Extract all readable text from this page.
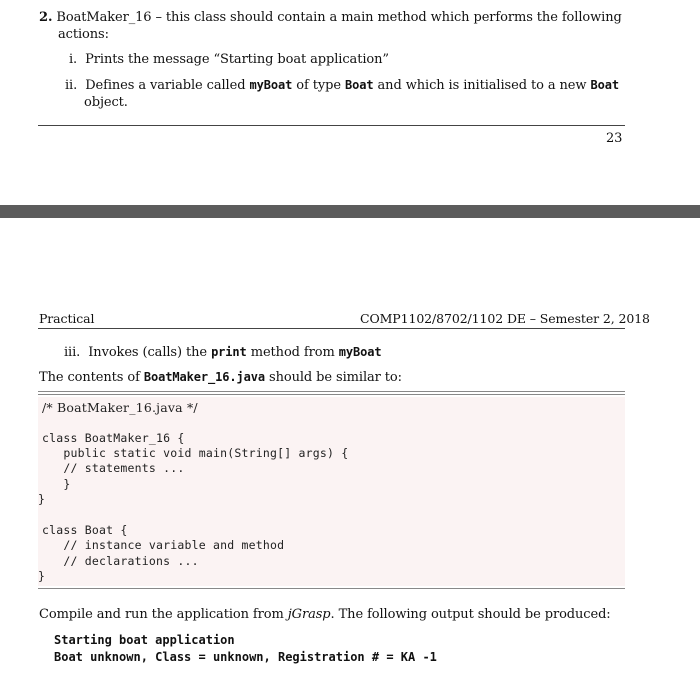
2. BoatMaker_16 – this class should contain a main method which performs the following
actions:
i. Prints the message “Starting boat application”
ii. Defines a variable called myBoat of type Boat and which is initialised to a new Boat
object.
23
Practical	COMP1102/8702/1102 DE – Semester 2, 2018
iii. Invokes (calls) the print method from myBoat
The contents of BoatMaker_16.java should be similar to:
/* BoatMaker_16.java */
class BoatMaker_16 {
public static void main(String[] args) {
// statements ...
}
}
class Boat {
// instance variable and method
// declarations ...
}
Compile and run the application from jGrasp. The following output should be produced:
Starting boat application
Boat unknown, Class = unknown, Registration # = KA -1
